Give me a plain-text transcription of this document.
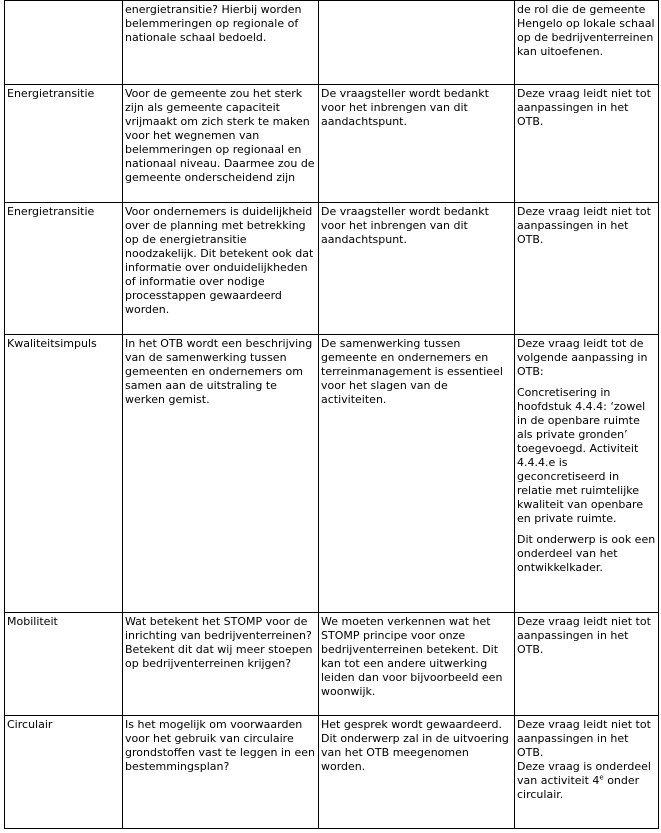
	energietransitie? Hierbij worden belemmeringen op regionale of nationale schaal bedoeld.		de rol die de gemeente Hengelo op lokale schaal op de bedrijventerreinen kan uitoefenen.

Energietransitie	Voor de gemeente zou het sterk zijn als gemeente capaciteit vrijmaakt om zich sterk te maken voor het wegnemen van belemmeringen op regionaal en nationaal niveau. Daarmee zou de gemeente onderscheidend zijn	De vraagsteller wordt bedankt voor het inbrengen van dit aandachtspunt.	Deze vraag leidt niet tot aanpassingen in het OTB.

Energietransitie	Voor ondernemers is duidelijkheid over de planning met betrekking op de energietransitie noodzakelijk. Dit betekent ook dat informatie over onduidelijkheden of informatie over nodige processtappen gewaardeerd worden.	De vraagsteller wordt bedankt voor het inbrengen van dit aandachtspunt.	Deze vraag leidt niet tot aanpassingen in het OTB.

Kwaliteitsimpuls	In het OTB wordt een beschrijving van de samenwerking tussen gemeenten en ondernemers om samen aan de uitstraling te werken gemist.	De samenwerking tussen gemeente en ondernemers en terreinmanagement is essentieel voor het slagen van de activiteiten.	Deze vraag leidt tot de volgende aanpassing in OTB:

Concretisering in hoofdstuk 4.4.4: ‘zowel in de openbare ruimte als private gronden’ toegevoegd. Activiteit 4.4.4.e is geconcretiseerd in relatie met ruimtelijke kwaliteit van openbare en private ruimte.

Dit onderwerp is ook een onderdeel van het ontwikkelkader.

Mobiliteit	Wat betekent het STOMP voor de inrichting van bedrijventerreinen? Betekent dit dat wij meer stoepen op bedrijventerreinen krijgen?	We moeten verkennen wat het STOMP principe voor onze bedrijventerreinen betekent. Dit kan tot een andere uitwerking leiden dan voor bijvoorbeeld een woonwijk.	Deze vraag leidt niet tot aanpassingen in het OTB.

Circulair	Is het mogelijk om voorwaarden voor het gebruik van circulaire grondstoffen vast te leggen in een bestemmingsplan?	Het gesprek wordt gewaardeerd. Dit onderwerp zal in de uitvoering van het OTB meegenomen worden.	Deze vraag leidt niet tot aanpassingen in het OTB.

Deze vraag is onderdeel van activiteit 4e onder circulair.
